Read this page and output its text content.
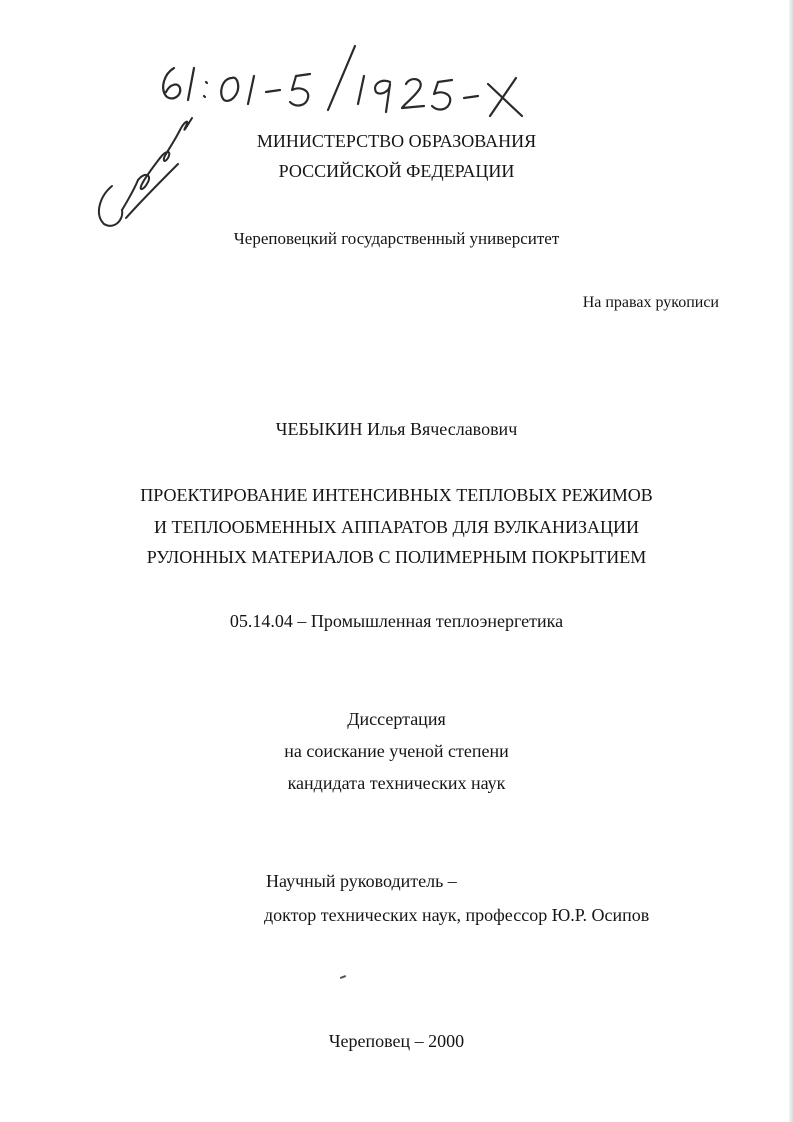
МИНИСТЕРСТВО ОБРАЗОВАНИЯ
РОССИЙСКОЙ ФЕДЕРАЦИИ
Череповецкий государственный университет
На правах рукописи
ЧЕБЫКИН Илья Вячеславович
ПРОЕКТИРОВАНИЕ ИНТЕНСИВНЫХ ТЕПЛОВЫХ РЕЖИМОВ
И ТЕПЛООБМЕННЫХ АППАРАТОВ ДЛЯ ВУЛКАНИЗАЦИИ
РУЛОННЫХ МАТЕРИАЛОВ С ПОЛИМЕРНЫМ ПОКРЫТИЕМ
05.14.04 – Промышленная теплоэнергетика
Диссертация
на соискание ученой степени
кандидата технических наук
Научный руководитель –
доктор технических наук, профессор Ю.Р. Осипов
Череповец – 2000
